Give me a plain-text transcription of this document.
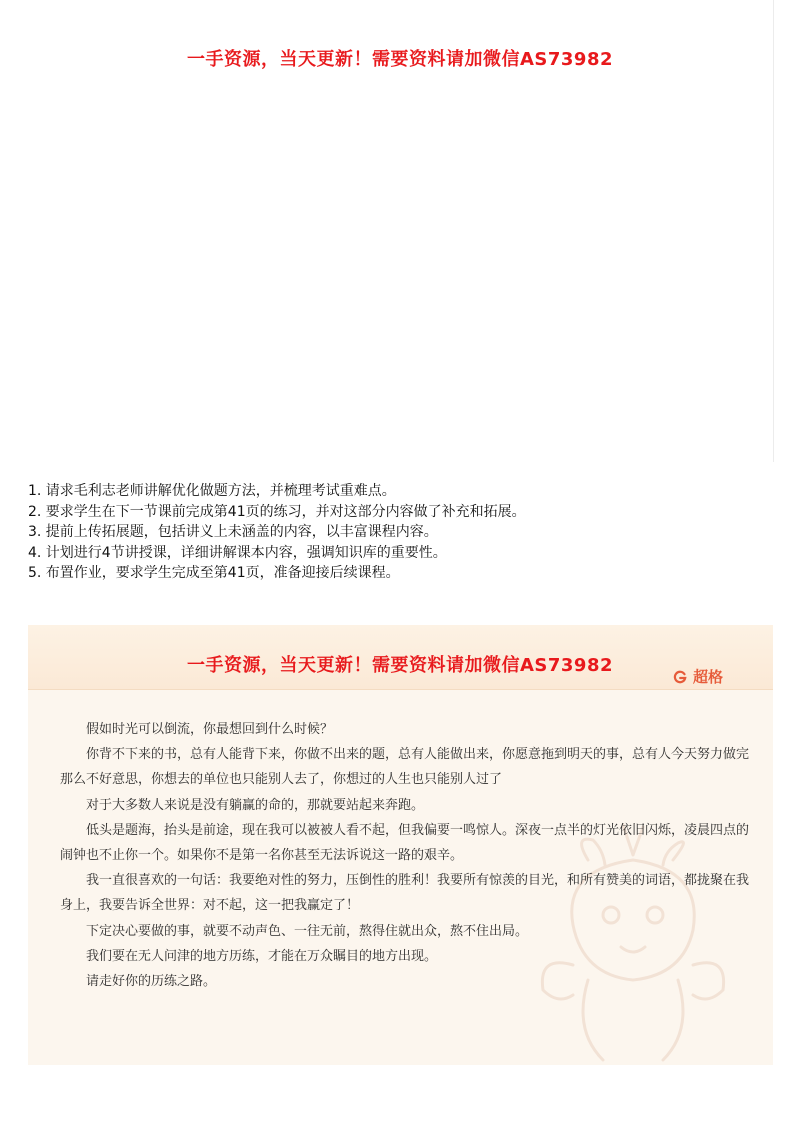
一手资源，当天更新！需要资料请加微信AS73982
1. 请求毛利志老师讲解优化做题方法，并梳理考试重难点。
2. 要求学生在下一节课前完成第41页的练习，并对这部分内容做了补充和拓展。
3. 提前上传拓展题，包括讲义上未涵盖的内容，以丰富课程内容。
4. 计划进行4节讲授课，详细讲解课本内容，强调知识库的重要性。
5. 布置作业，要求学生完成至第41页，准备迎接后续课程。
超格

假如时光可以倒流，你最想回到什么时候？

你背不下来的书，总有人能背下来，你做不出来的题，总有人能做出来，你愿意拖到明天的事，总有人今天努力做完那么不好意思，你想去的单位也只能别人去了，你想过的人生也只能别人过了

对于大多数人来说是没有躺赢的命的，那就要站起来奔跑。

低头是题海，抬头是前途，现在我可以被被人看不起，但我偏要一鸣惊人。深夜一点半的灯光依旧闪烁，凌晨四点的闹钟也不止你一个。如果你不是第一名你甚至无法诉说这一路的艰辛。

我一直很喜欢的一句话：我要绝对性的努力，压倒性的胜利！我要所有惊羡的目光，和所有赞美的词语，都拢聚在我身上，我要告诉全世界：对不起，这一把我赢定了！

下定决心要做的事，就要不动声色、一往无前，熬得住就出众，熬不住出局。

我们要在无人问津的地方历练，才能在万众瞩目的地方出现。

请走好你的历练之路。

一手资源，当天更新！需要资料请加微信AS73982
